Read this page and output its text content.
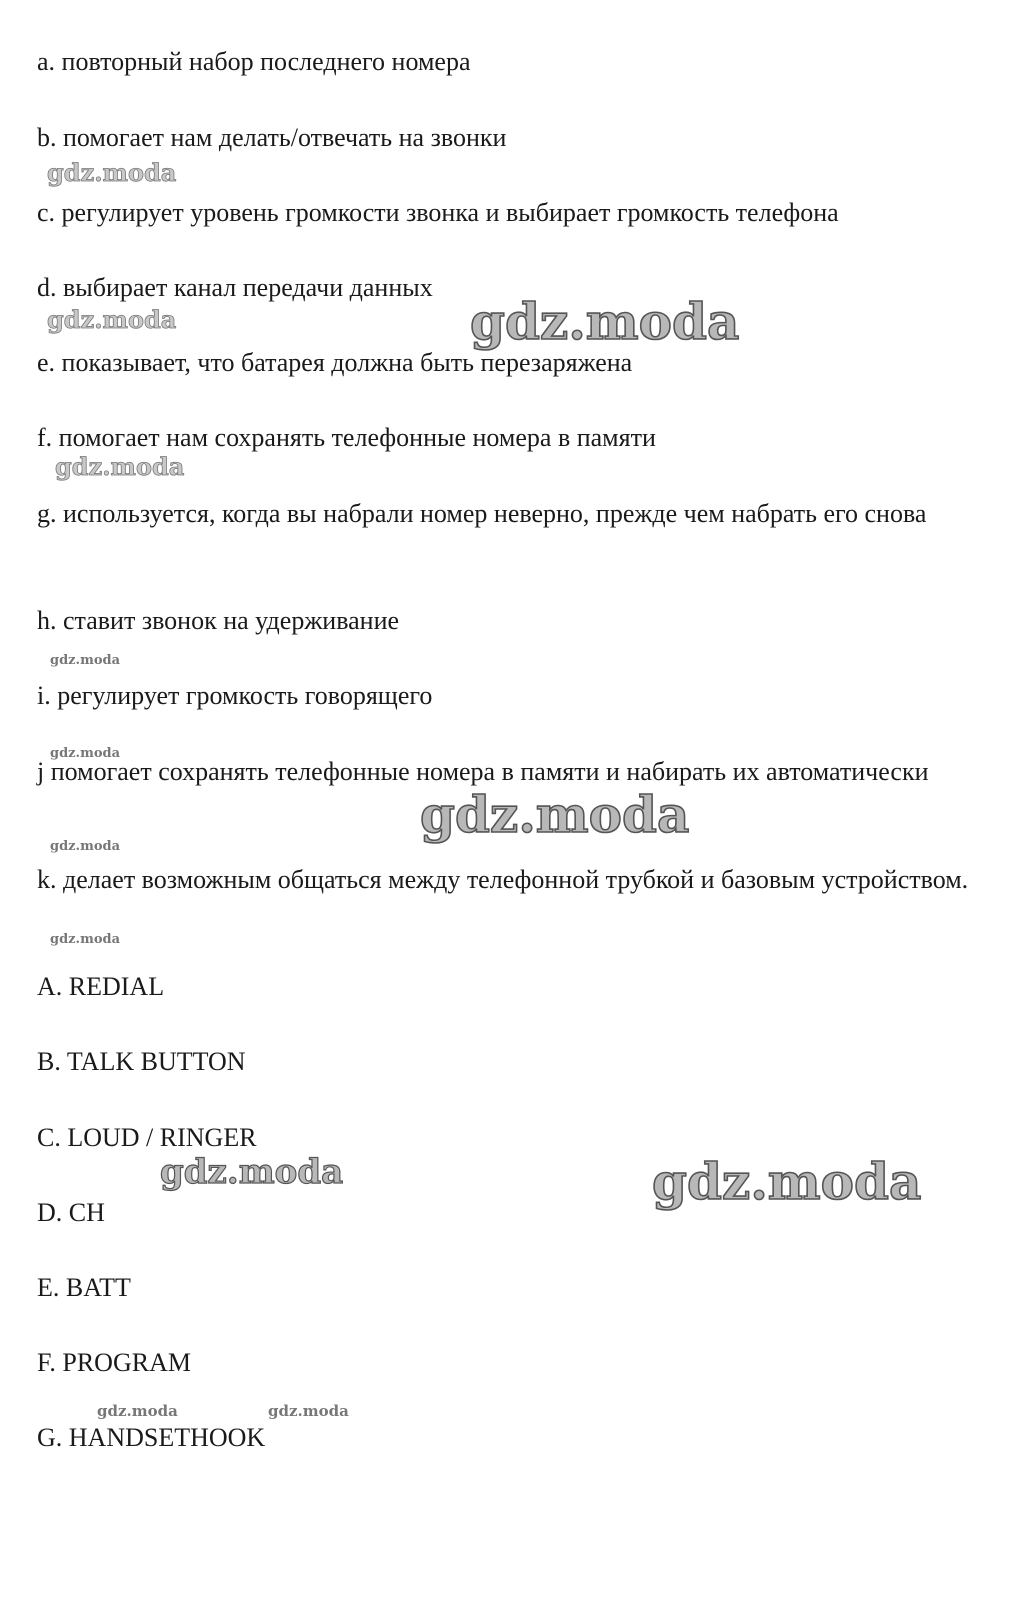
a. повторный набор последнего номера

b. помогает нам делать/отвечать на звонки

c. регулирует уровень громкости звонка и выбирает громкость телефона

d. выбирает канал передачи данных

e. показывает, что батарея должна быть перезаряжена

f. помогает нам сохранять телефонные номера в памяти

g. используется, когда вы набрали номер неверно, прежде чем набрать его снова

h. ставит звонок на удерживание

i. регулирует громкость говорящего

j помогает сохранять телефонные номера в памяти и набирать их автоматически

k. делает возможным общаться между телефонной трубкой и базовым устройством.

A. REDIAL

B. TALK BUTTON

C. LOUD / RINGER

D. CH

E. BATT

F. PROGRAM

G. HANDSETHOOK

gdz.moda
gdz.moda	gdz.moda
gdz.moda
gdz.moda
gdz.moda
gdz.moda
gdz.moda
gdz.moda
gdz.moda	gdz.moda
gdz.moda	gdz.moda
